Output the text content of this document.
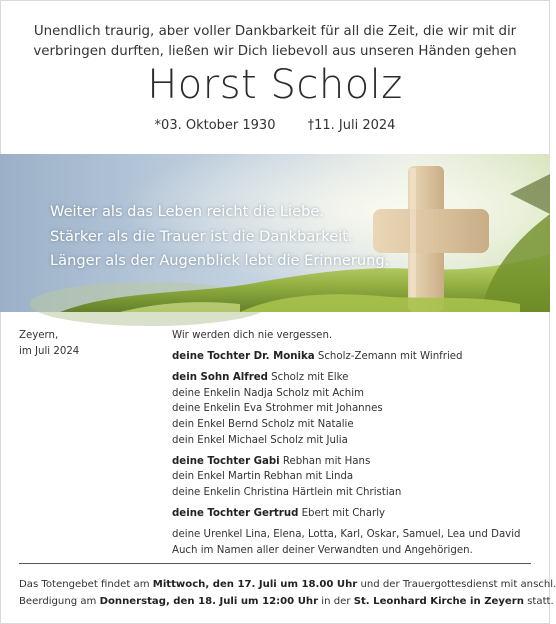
Unendlich traurig, aber voller Dankbarkeit für all die Zeit, die wir mit dir
verbringen durften, ließen wir Dich liebevoll aus unseren Händen gehen
Horst Scholz
*03. Oktober 1930 †11. Juli 2024
Weiter als das Leben reicht die Liebe.
Stärker als die Trauer ist die Dankbarkeit.
Länger als der Augenblick lebt die Erinnerung.
Zeyern,
im Juli 2024
Wir werden dich nie vergessen.
deine Tochter Dr. Monika Scholz-Zemann mit Winfried
dein Sohn Alfred Scholz mit Elke
deine Enkelin Nadja Scholz mit Achim
deine Enkelin Eva Strohmer mit Johannes
dein Enkel Bernd Scholz mit Natalie
dein Enkel Michael Scholz mit Julia
deine Tochter Gabi Rebhan mit Hans
dein Enkel Martin Rebhan mit Linda
deine Enkelin Christina Härtlein mit Christian
deine Tochter Gertrud Ebert mit Charly
deine Urenkel Lina, Elena, Lotta, Karl, Oskar, Samuel, Lea und David
Auch im Namen aller deiner Verwandten und Angehörigen.
Das Totengebet findet am Mittwoch, den 17. Juli um 18.00 Uhr und der Trauergottesdienst mit anschl.
Beerdigung am Donnerstag, den 18. Juli um 12:00 Uhr in der St. Leonhard Kirche in Zeyern statt.
